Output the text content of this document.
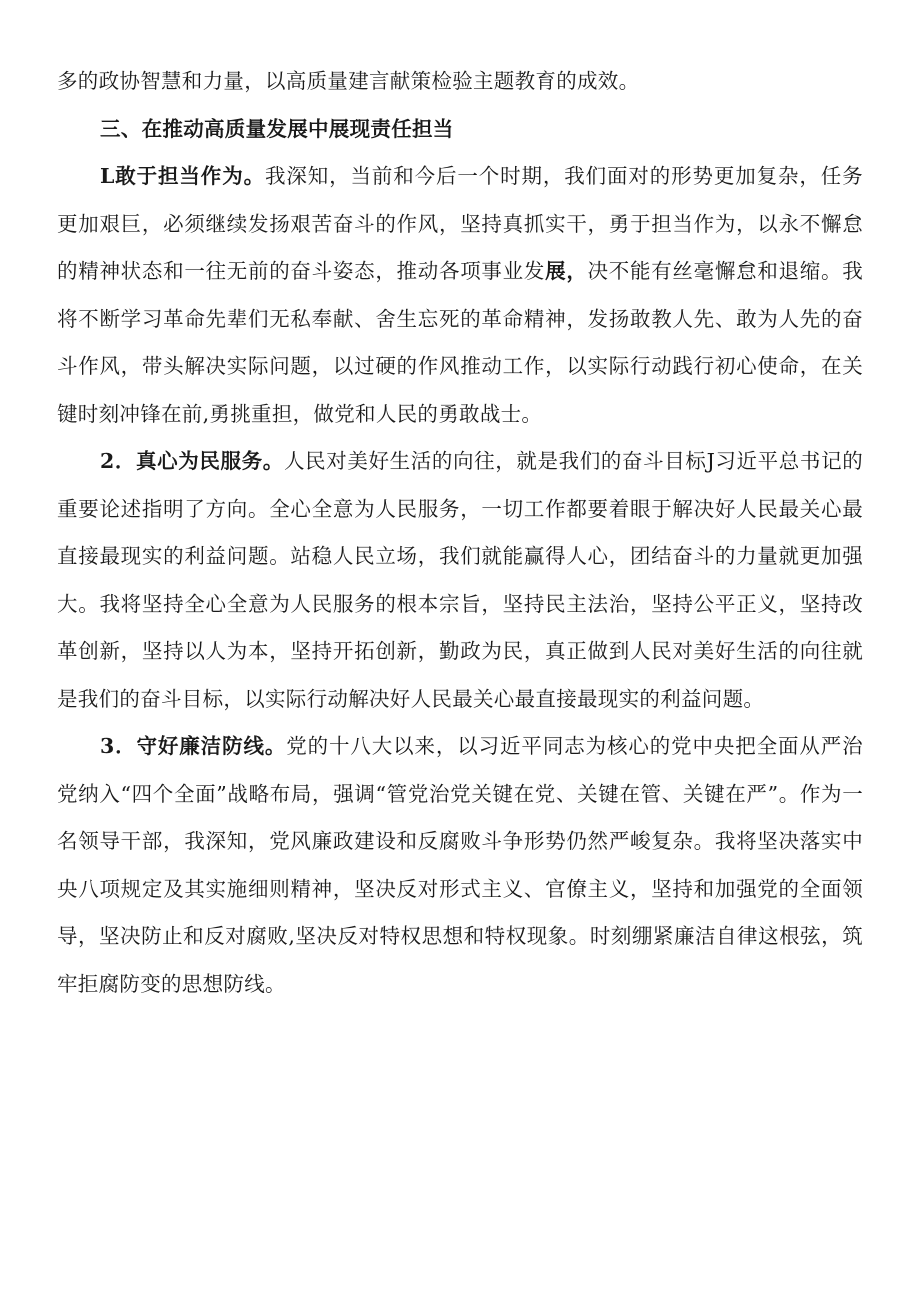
多的政协智慧和力量，以高质量建言献策检验主题教育的成效。

三、在推动高质量发展中展现责任担当

L敢于担当作为。我深知，当前和今后一个时期，我们面对的形势更加复杂，任务更加艰巨，必须继续发扬艰苦奋斗的作风，坚持真抓实干，勇于担当作为，以永不懈怠的精神状态和一往无前的奋斗姿态，推动各项事业发展，决不能有丝毫懈怠和退缩。我将不断学习革命先辈们无私奉献、舍生忘死的革命精神，发扬敢教人先、敢为人先的奋斗作风，带头解决实际问题，以过硬的作风推动工作，以实际行动践行初心使命，在关键时刻冲锋在前,勇挑重担，做党和人民的勇敢战士。

2．真心为民服务。人民对美好生活的向往，就是我们的奋斗目标J习近平总书记的重要论述指明了方向。全心全意为人民服务，一切工作都要着眼于解决好人民最关心最直接最现实的利益问题。站稳人民立场，我们就能赢得人心，团结奋斗的力量就更加强大。我将坚持全心全意为人民服务的根本宗旨，坚持民主法治，坚持公平正义，坚持改革创新，坚持以人为本，坚持开拓创新，勤政为民，真正做到人民对美好生活的向往就是我们的奋斗目标，以实际行动解决好人民最关心最直接最现实的利益问题。

3．守好廉洁防线。党的十八大以来，以习近平同志为核心的党中央把全面从严治党纳入“四个全面”战略布局，强调“管党治党关键在党、关键在管、关键在严”。作为一名领导干部，我深知，党风廉政建设和反腐败斗争形势仍然严峻复杂。我将坚决落实中央八项规定及其实施细则精神，坚决反对形式主义、官僚主义，坚持和加强党的全面领导，坚决防止和反对腐败,坚决反对特权思想和特权现象。时刻绷紧廉洁自律这根弦，筑牢拒腐防变的思想防线。
